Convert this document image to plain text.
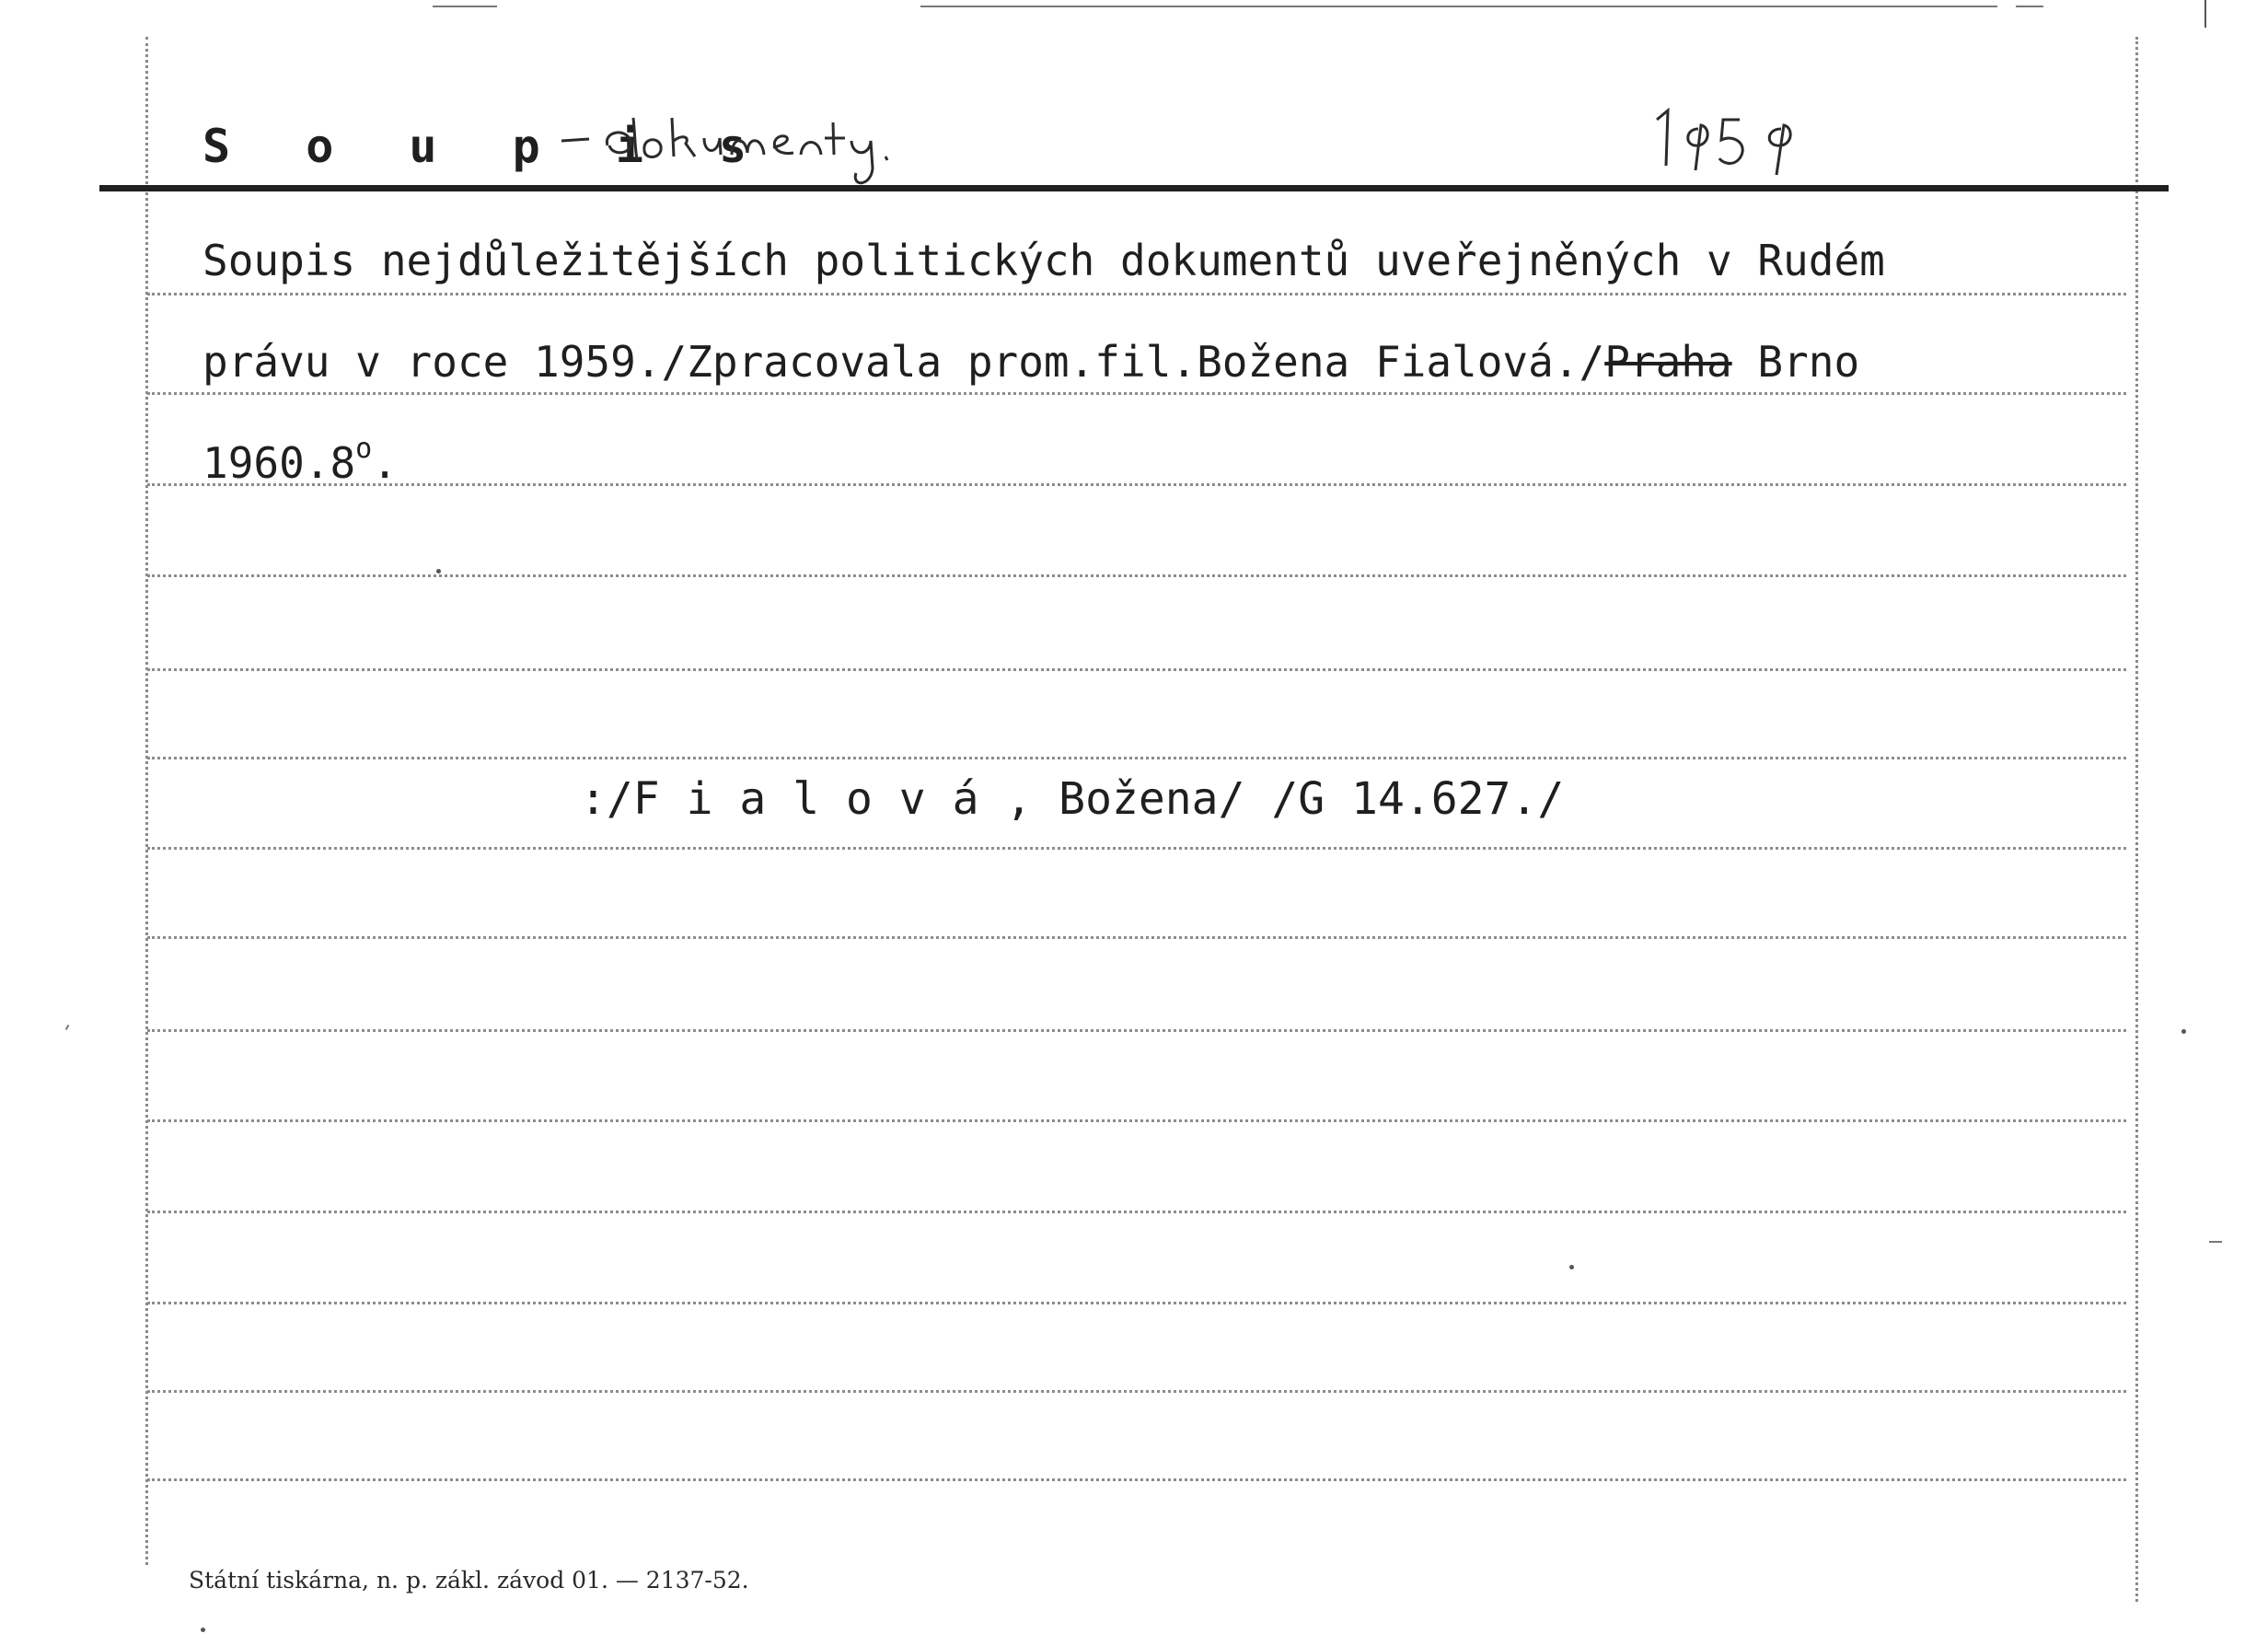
S o u p i s
Soupis nejdůležitějších politických dokumentů uveřejněných v Rudém
právu v roce 1959./Zpracovala prom.fil.Božena Fialová./Praha Brno
1960.8$^o$.
:/F i a l o v á , Božena/ /G 14.627./
Státní tiskárna, n. p. zákl. závod 01. — 2137-52.
